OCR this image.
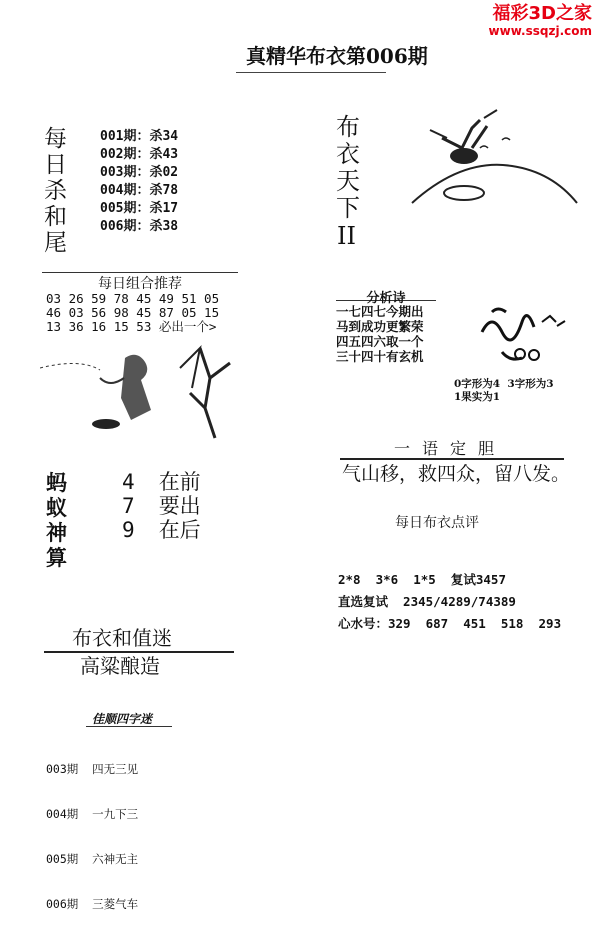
福彩3D之家
www.ssqzj.com
真精华布衣第006期
每日杀和尾
001期：杀34
002期：杀43
003期：杀02
004期：杀78
005期：杀17
006期：杀38
布衣天下
II
每日组合推荐
03 26 59 78 45 49 51 05
46 03 56 98 45 87 05 15
13 36 16 15 53 必出一个>
分析诗
一七四七今期出
马到成功更繁荣
四五四六取一个
三十四十有玄机
0字形为4  3字形为3
1果实为1
蚂蚁神算
4 在前
7 要出
9 在后
一语定胆
气山移，救四众，留八发。
每日布衣点评
2*8  3*6  1*5  复试3457
直选复试  2345/4289/74389
心水号：329  687  451  518  293
布衣和值迷
高粱酿造
佳顺四字迷

003期  四无三见

004期  一九下三

005期  六神无主

006期  三菱气车
